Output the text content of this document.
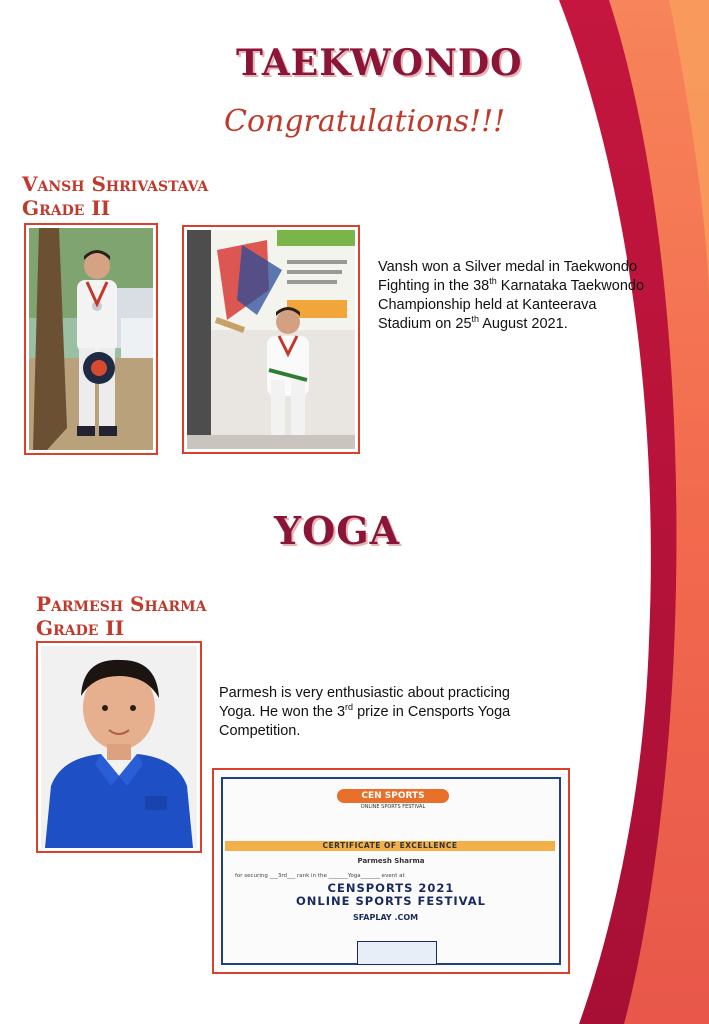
TAEKWONDO
Congratulations!!!
Vansh Shrivastava
Grade II
Vansh won a Silver medal in Taekwondo Fighting in the 38th Karnataka Taekwondo Championship held at Kanteerava Stadium on 25th August 2021.
YOGA
Parmesh Sharma
Grade II
Parmesh is very enthusiastic about practicing Yoga. He won the 3rd prize in Censports Yoga Competition.
CEN SPORTS
ONLINE SPORTS FESTIVAL
CERTIFICATE OF EXCELLENCE
Parmesh Sharma
for securing ___3rd___ rank in the _______Yoga_______ event at
CENSPORTS 2021
ONLINE SPORTS FESTIVAL
SFAPLAY .COM
